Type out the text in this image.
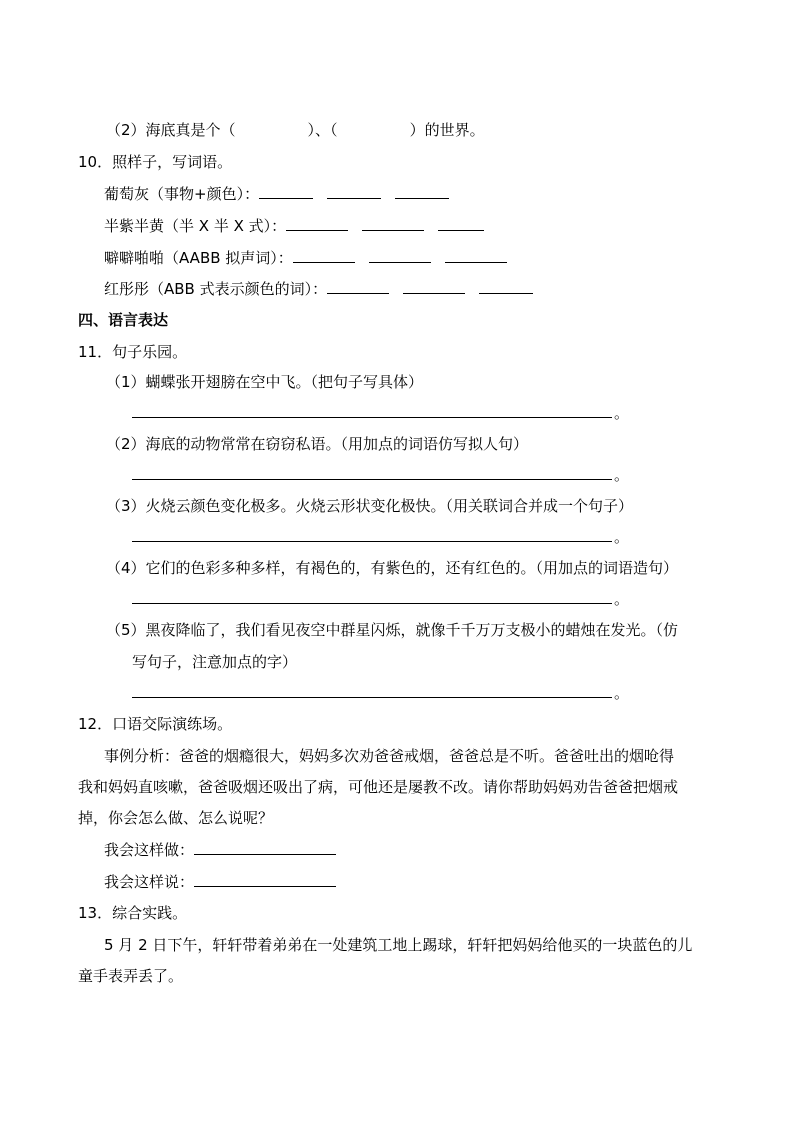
（2）海底真是个（	）、（	）的世界。
10．照样子，写词语。
葡萄灰（事物+颜色）：
半紫半黄（半 X 半 X 式）：
噼噼啪啪（AABB 拟声词）：
红彤彤（ABB 式表示颜色的词）：
四、语言表达
11．句子乐园。
（1）蝴蝶张开翅膀在空中飞。（把句子写具体）
。
（2）海底的动物常常在窃窃私语。（用加点的词语仿写拟人句）
。
（3）火烧云颜色变化极多。火烧云形状变化极快。（用关联词合并成一个句子）
。
（4）它们的色彩多种多样，有褐色的，有紫色的，还有红色的。（用加点的词语造句）
。
（5）黑夜降临了，我们看见夜空中群星闪烁，就像千千万万支极小的蜡烛在发光。（仿
写句子，注意加点的字）
。
12．口语交际演练场。
事例分析：爸爸的烟瘾很大，妈妈多次劝爸爸戒烟，爸爸总是不听。爸爸吐出的烟呛得
我和妈妈直咳嗽，爸爸吸烟还吸出了病，可他还是屡教不改。请你帮助妈妈劝告爸爸把烟戒
掉，你会怎么做、怎么说呢？
我会这样做：
我会这样说：
13．综合实践。
5 月 2 日下午，轩轩带着弟弟在一处建筑工地上踢球，轩轩把妈妈给他买的一块蓝色的儿
童手表弄丢了。
